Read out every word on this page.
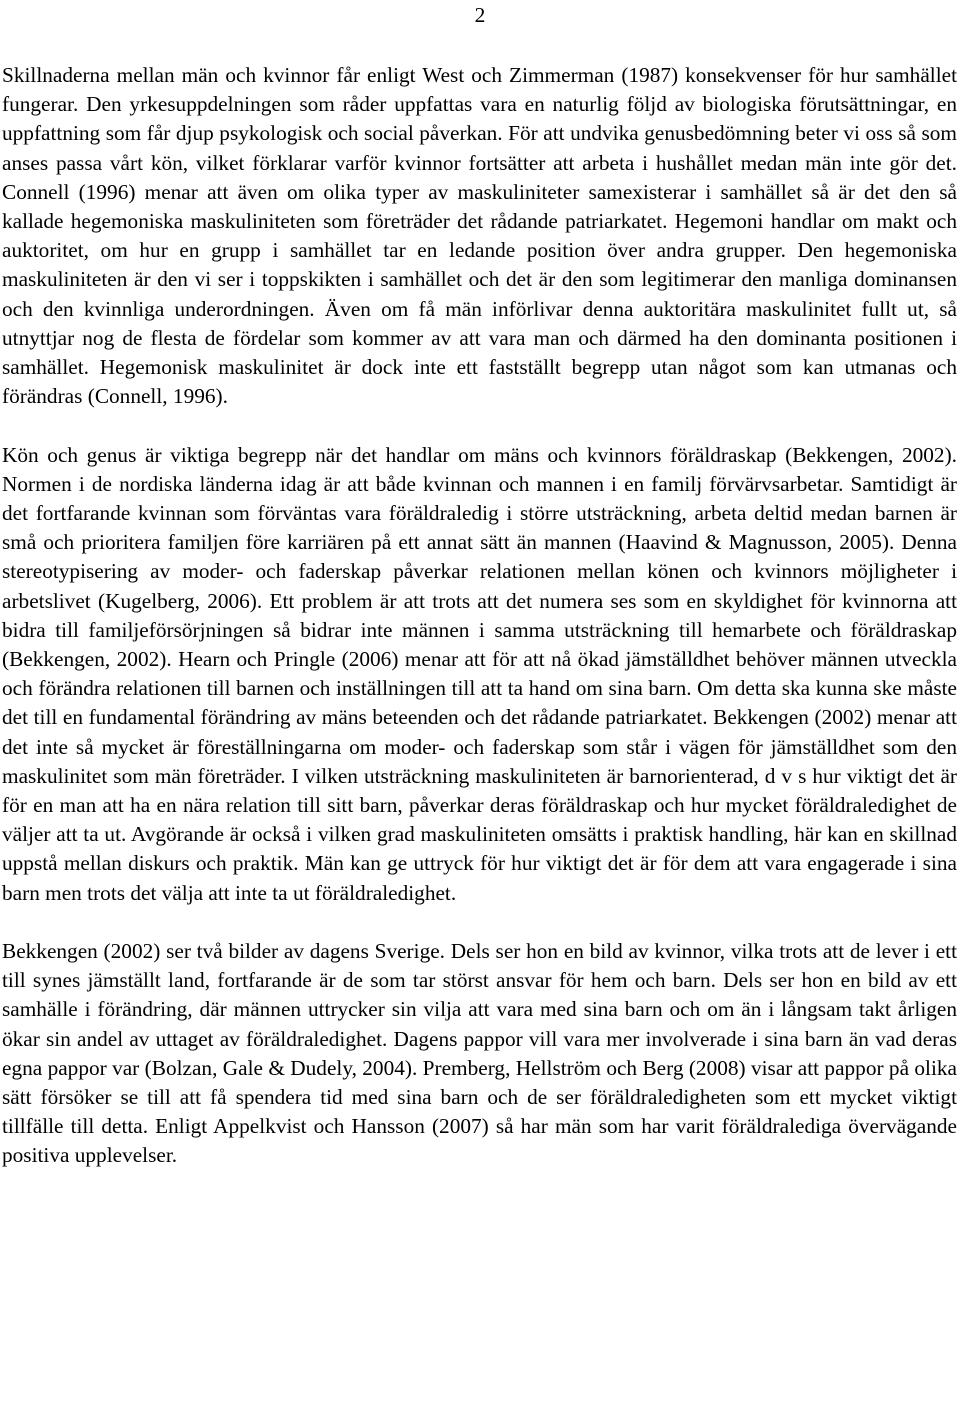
2

Skillnaderna mellan män och kvinnor får enligt West och Zimmerman (1987) konsekvenser för hur samhället fungerar. Den yrkesuppdelningen som råder uppfattas vara en naturlig följd av biologiska förutsättningar, en uppfattning som får djup psykologisk och social påverkan. För att undvika genusbedömning beter vi oss så som anses passa vårt kön, vilket förklarar varför kvinnor fortsätter att arbeta i hushållet medan män inte gör det. Connell (1996) menar att även om olika typer av maskuliniteter samexisterar i samhället så är det den så kallade hegemoniska maskuliniteten som företräder det rådande patriarkatet. Hegemoni handlar om makt och auktoritet, om hur en grupp i samhället tar en ledande position över andra grupper. Den hegemoniska maskuliniteten är den vi ser i toppskikten i samhället och det är den som legitimerar den manliga dominansen och den kvinnliga underordningen. Även om få män införlivar denna auktoritära maskulinitet fullt ut, så utnyttjar nog de flesta de fördelar som kommer av att vara man och därmed ha den dominanta positionen i samhället. Hegemonisk maskulinitet är dock inte ett fastställt begrepp utan något som kan utmanas och förändras (Connell, 1996).

Kön och genus är viktiga begrepp när det handlar om mäns och kvinnors föräldraskap (Bekkengen, 2002). Normen i de nordiska länderna idag är att både kvinnan och mannen i en familj förvärvsarbetar. Samtidigt är det fortfarande kvinnan som förväntas vara föräldraledig i större utsträckning, arbeta deltid medan barnen är små och prioritera familjen före karriären på ett annat sätt än mannen (Haavind & Magnusson, 2005). Denna stereotypisering av moder- och faderskap påverkar relationen mellan könen och kvinnors möjligheter i arbetslivet (Kugelberg, 2006). Ett problem är att trots att det numera ses som en skyldighet för kvinnorna att bidra till familjeförsörjningen så bidrar inte männen i samma utsträckning till hemarbete och föräldraskap (Bekkengen, 2002). Hearn och Pringle (2006) menar att för att nå ökad jämställdhet behöver männen utveckla och förändra relationen till barnen och inställningen till att ta hand om sina barn. Om detta ska kunna ske måste det till en fundamental förändring av mäns beteenden och det rådande patriarkatet. Bekkengen (2002) menar att det inte så mycket är föreställningarna om moder- och faderskap som står i vägen för jämställdhet som den maskulinitet som män företräder. I vilken utsträckning maskuliniteten är barnorienterad, d v s hur viktigt det är för en man att ha en nära relation till sitt barn, påverkar deras föräldraskap och hur mycket föräldraledighet de väljer att ta ut. Avgörande är också i vilken grad maskuliniteten omsätts i praktisk handling, här kan en skillnad uppstå mellan diskurs och praktik. Män kan ge uttryck för hur viktigt det är för dem att vara engagerade i sina barn men trots det välja att inte ta ut föräldraledighet.

Bekkengen (2002) ser två bilder av dagens Sverige. Dels ser hon en bild av kvinnor, vilka trots att de lever i ett till synes jämställt land, fortfarande är de som tar störst ansvar för hem och barn. Dels ser hon en bild av ett samhälle i förändring, där männen uttrycker sin vilja att vara med sina barn och om än i långsam takt årligen ökar sin andel av uttaget av föräldraledighet. Dagens pappor vill vara mer involverade i sina barn än vad deras egna pappor var (Bolzan, Gale & Dudely, 2004). Premberg, Hellström och Berg (2008) visar att pappor på olika sätt försöker se till att få spendera tid med sina barn och de ser föräldraledigheten som ett mycket viktigt tillfälle till detta. Enligt Appelkvist och Hansson (2007) så har män som har varit föräldralediga övervägande positiva upplevelser.
